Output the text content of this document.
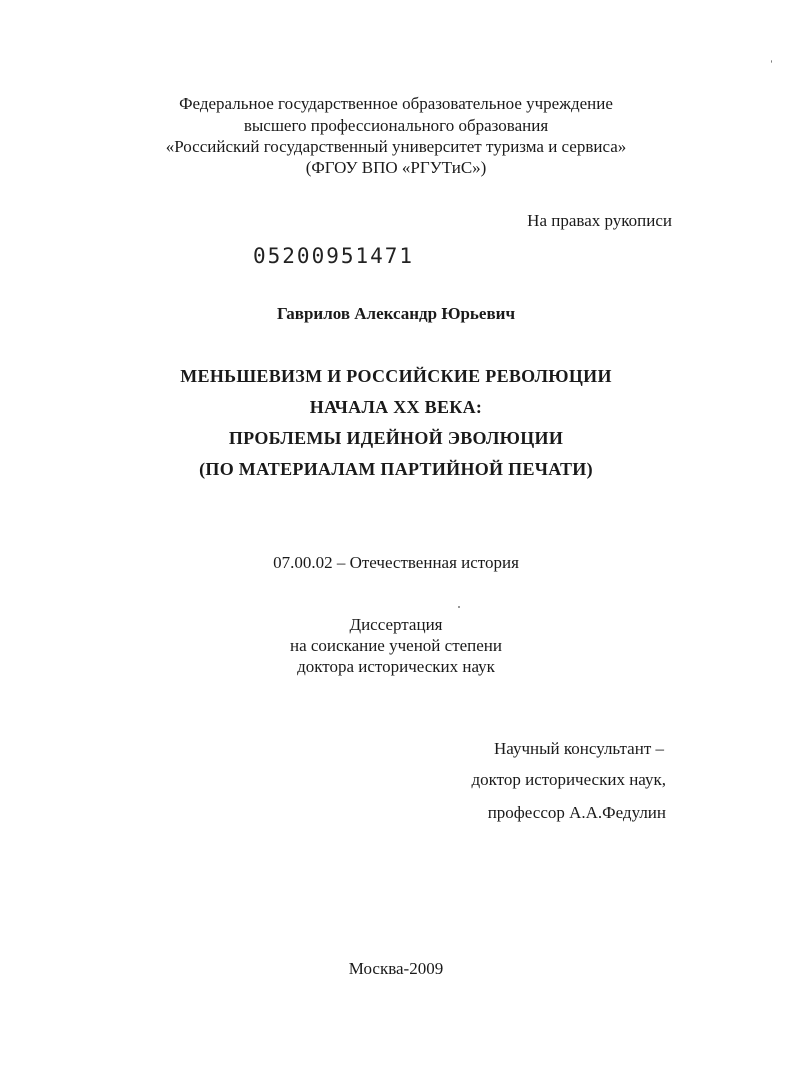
Федеральное государственное образовательное учреждение
высшего профессионального образования
«Российский государственный университет туризма и сервиса»
(ФГОУ ВПО «РГУТиС»)
На правах рукописи
05200951471
Гаврилов Александр Юрьевич
МЕНЬШЕВИЗМ И РОССИЙСКИЕ РЕВОЛЮЦИИ
НАЧАЛА XX ВЕКА:
ПРОБЛЕМЫ ИДЕЙНОЙ ЭВОЛЮЦИИ
(ПО МАТЕРИАЛАМ ПАРТИЙНОЙ ПЕЧАТИ)
07.00.02 – Отечественная история
Диссертация
на соискание ученой степени
доктора исторических наук
Научный консультант –
доктор исторических наук,
профессор А.А.Федулин
Москва-2009
